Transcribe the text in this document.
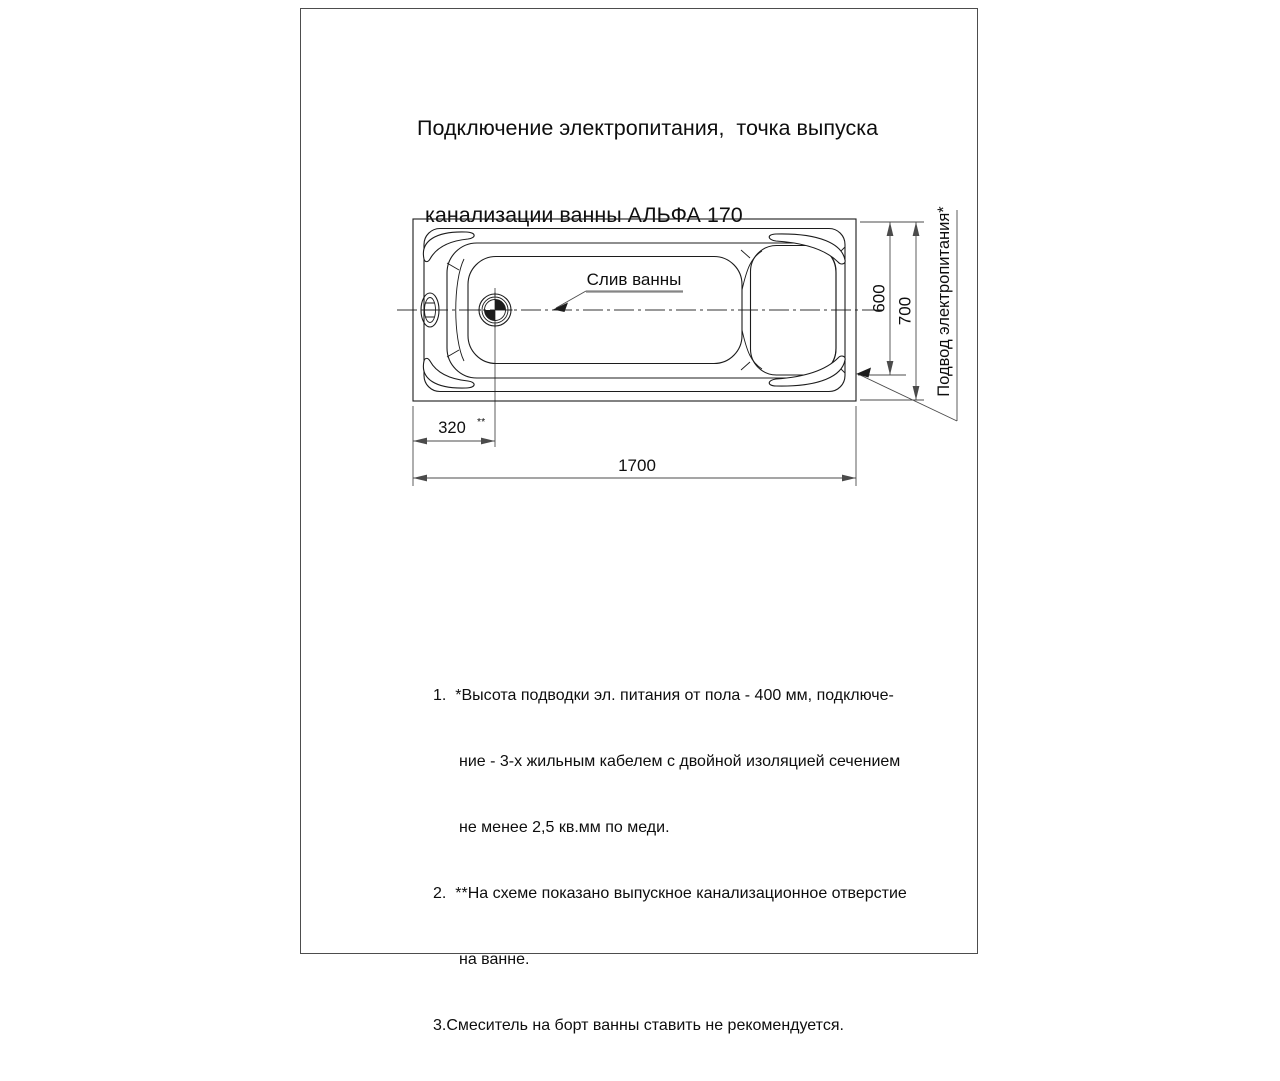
Подключение электропитания,  точка выпуска

канализации ванны АЛЬФА 170

Слив ванны
320 **
1700
600 700 Подвод электропитания*

1.  *Высота подводки эл. питания от пола - 400 мм, подключе-

ние - 3-х жильным кабелем с двойной изоляцией сечением

не менее 2,5 кв.мм по меди.

2.  **На схеме показано выпускное канализационное отверстие

на ванне.

3.Смеситель на борт ванны ставить не рекомендуется.
